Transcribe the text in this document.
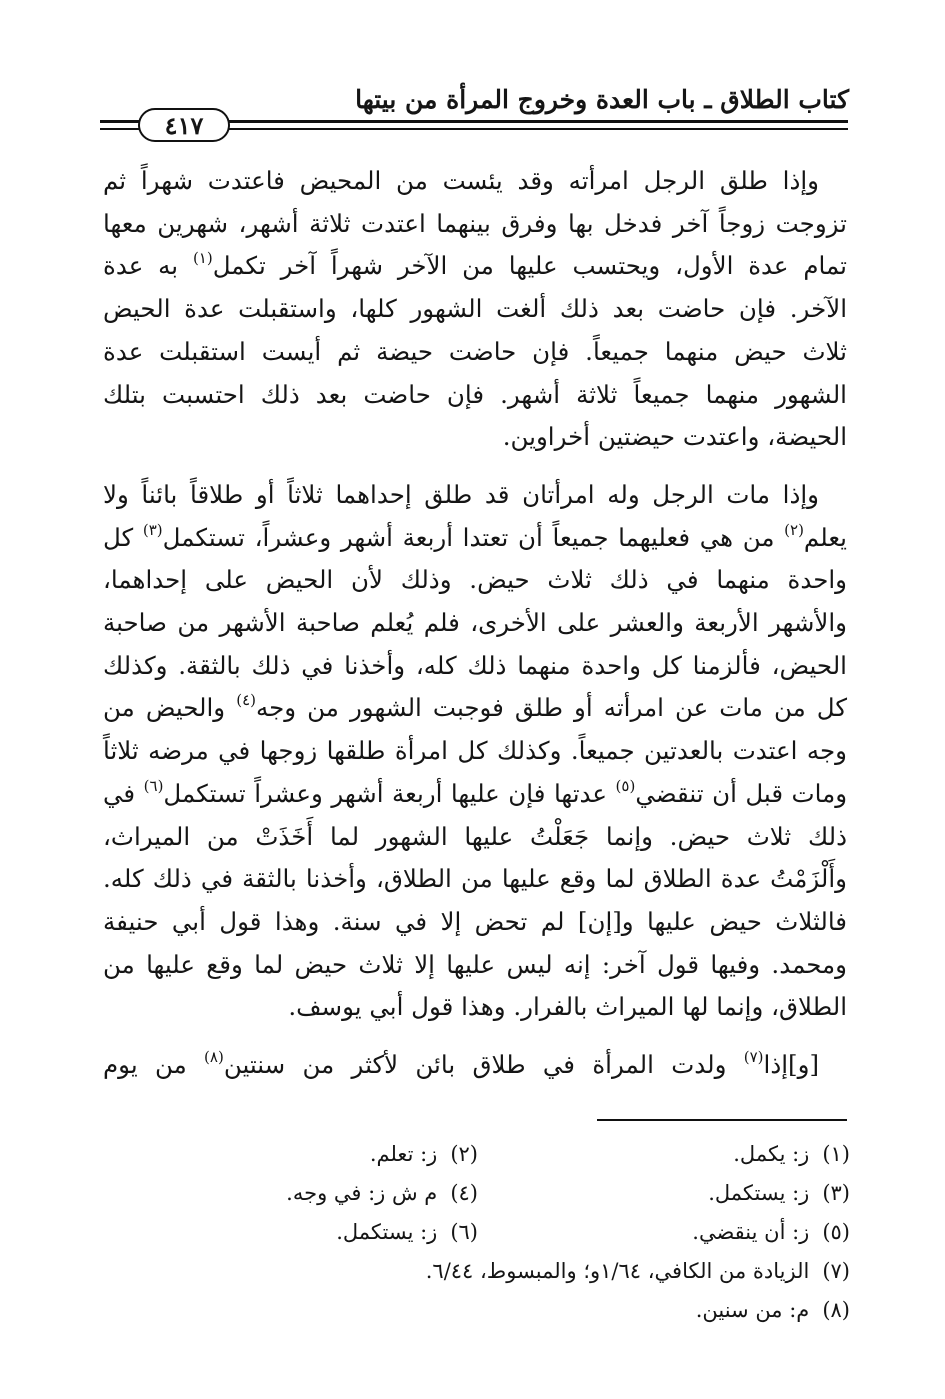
كتاب الطلاق ـ باب العدة وخروج المرأة من بيتها
٤١٧

وإذا طلق الرجل امرأته وقد يئست من المحيض فاعتدت شهراً ثم

تزوجت زوجاً آخر فدخل بها وفرق بينهما اعتدت ثلاثة أشهر، شهرين معها

تمام عدة الأول، ويحتسب عليها من الآخر شهراً آخر تكمل$^{(١)}$ به عدة

الآخر. فإن حاضت بعد ذلك ألغت الشهور كلها، واستقبلت عدة الحيض

ثلاث حيض منهما جميعاً. فإن حاضت حيضة ثم أيست استقبلت عدة

الشهور منهما جميعاً ثلاثة أشهر. فإن حاضت بعد ذلك احتسبت بتلك

الحيضة، واعتدت حيضتين أخراوين.

وإذا مات الرجل وله امرأتان قد طلق إحداهما ثلاثاً أو طلاقاً بائناً ولا

يعلم$^{(٢)}$ من هي فعليهما جميعاً أن تعتدا أربعة أشهر وعشراً، تستكمل$^{(٣)}$ كل

واحدة منهما في ذلك ثلاث حيض. وذلك لأن الحيض على إحداهما،

والأشهر الأربعة والعشر على الأخرى، فلم يُعلم صاحبة الأشهر من صاحبة

الحيض، فألزمنا كل واحدة منهما ذلك كله، وأخذنا في ذلك بالثقة. وكذلك

كل من مات عن امرأته أو طلق فوجبت الشهور من وجه$^{(٤)}$ والحيض من

وجه اعتدت بالعدتين جميعاً. وكذلك كل امرأة طلقها زوجها في مرضه ثلاثاً

ومات قبل أن تنقضي$^{(٥)}$ عدتها فإن عليها أربعة أشهر وعشراً تستكمل$^{(٦)}$ في

ذلك ثلاث حيض. وإنما جَعَلْتُ عليها الشهور لما أَخَذَتْ من الميراث،

وأَلْزَمْتُ عدة الطلاق لما وقع عليها من الطلاق، وأخذنا بالثقة في ذلك كله.

فالثلاث حيض عليها و[إن] لم تحض إلا في سنة. وهذا قول أبي حنيفة

ومحمد. وفيها قول آخر: إنه ليس عليها إلا ثلاث حيض لما وقع عليها من

الطلاق، وإنما لها الميراث بالفرار. وهذا قول أبي يوسف.

[و]إذا$^{(٧)}$ ولدت المرأة في طلاق بائن لأكثر من سنتين$^{(٨)}$ من يوم

(١) ز: يكمل.
(٢) ز: تعلم.
(٣) ز: يستكمل.
(٤) م ش ز: في وجه.
(٥) ز: أن ينقضي.
(٦) ز: يستكمل.
(٧) الزيادة من الكافي، ١/٦٤و؛ والمبسوط، ٦/٤٤.
(٨) م: من سنين.
